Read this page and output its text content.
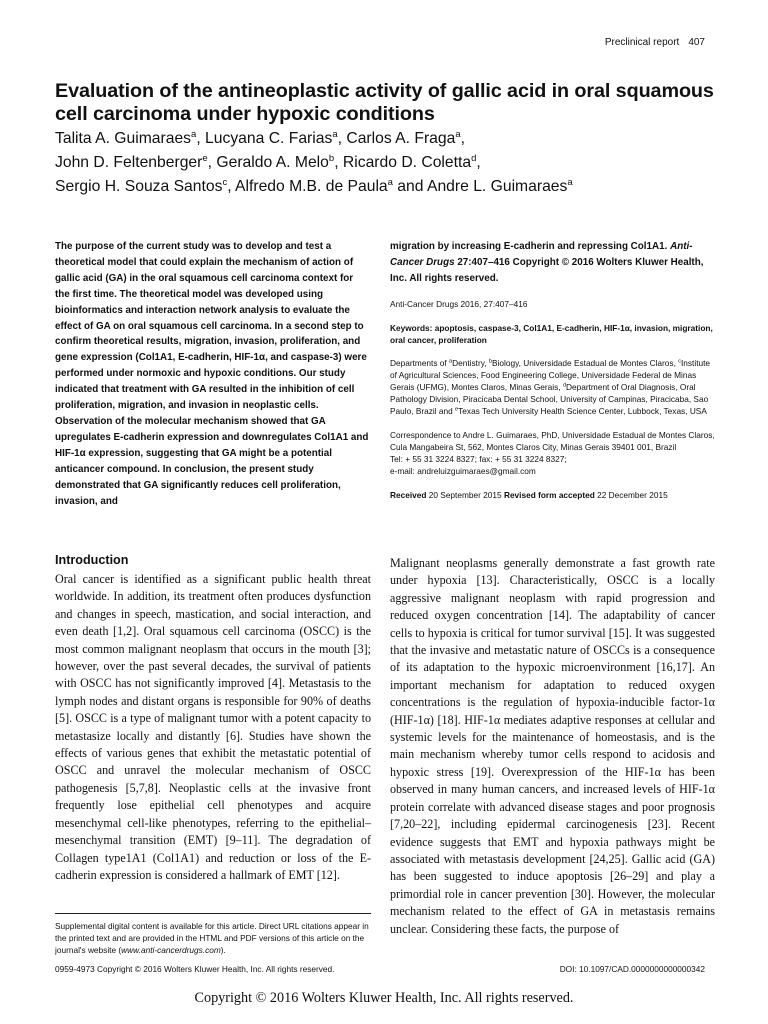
Preclinical report 407
Evaluation of the antineoplastic activity of gallic acid in oral squamous cell carcinoma under hypoxic conditions
Talita A. Guimaraes$^a$, Lucyana C. Farias$^a$, Carlos A. Fraga$^a$,
John D. Feltenberger$^e$, Geraldo A. Melo$^b$, Ricardo D. Coletta$^d$,
Sergio H. Souza Santos$^c$, Alfredo M.B. de Paula$^a$ and Andre L. Guimaraes$^a$
The purpose of the current study was to develop and test a theoretical model that could explain the mechanism of action of gallic acid (GA) in the oral squamous cell carcinoma context for the first time. The theoretical model was developed using bioinformatics and interaction network analysis to evaluate the effect of GA on oral squamous cell carcinoma. In a second step to confirm theoretical results, migration, invasion, proliferation, and gene expression (Col1A1, E-cadherin, HIF-1α, and caspase-3) were performed under normoxic and hypoxic conditions. Our study indicated that treatment with GA resulted in the inhibition of cell proliferation, migration, and invasion in neoplastic cells. Observation of the molecular mechanism showed that GA upregulates E-cadherin expression and downregulates Col1A1 and HIF-1α expression, suggesting that GA might be a potential anticancer compound. In conclusion, the present study demonstrated that GA significantly reduces cell proliferation, invasion, and
migration by increasing E-cadherin and repressing Col1A1. Anti-Cancer Drugs 27:407–416 Copyright © 2016 Wolters Kluwer Health, Inc. All rights reserved.
Anti-Cancer Drugs 2016, 27:407–416
Keywords: apoptosis, caspase-3, Col1A1, E-cadherin, HIF-1α, invasion, migration, oral cancer, proliferation
Departments of $^a$Dentistry, $^b$Biology, Universidade Estadual de Montes Claros, $^c$Institute of Agricultural Sciences, Food Engineering College, Universidade Federal de Minas Gerais (UFMG), Montes Claros, Minas Gerais, $^d$Department of Oral Diagnosis, Oral Pathology Division, Piracicaba Dental School, University of Campinas, Piracicaba, Sao Paulo, Brazil and $^e$Texas Tech University Health Science Center, Lubbock, Texas, USA
Correspondence to Andre L. Guimaraes, PhD, Universidade Estadual de Montes Claros, Cula Mangabeira St, 562, Montes Claros City, Minas Gerais 39401 001, Brazil
Tel: + 55 31 3224 8327; fax: + 55 31 3224 8327;
e-mail: andreluizguimaraes@gmail.com
Received 20 September 2015 Revised form accepted 22 December 2015
Introduction

Oral cancer is identified as a significant public health threat worldwide. In addition, its treatment often produces dysfunction and changes in speech, mastication, and social interaction, and even death [1,2]. Oral squamous cell carcinoma (OSCC) is the most common malignant neoplasm that occurs in the mouth [3]; however, over the past several decades, the survival of patients with OSCC has not significantly improved [4]. Metastasis to the lymph nodes and distant organs is responsible for 90% of deaths [5]. OSCC is a type of malignant tumor with a potent capacity to metastasize locally and distantly [6]. Studies have shown the effects of various genes that exhibit the metastatic potential of OSCC and unravel the molecular mechanism of OSCC pathogenesis [5,7,8]. Neoplastic cells at the invasive front frequently lose epithelial cell phenotypes and acquire mesenchymal cell-like phenotypes, referring to the epithelial–mesenchymal transition (EMT) [9–11]. The degradation of Collagen type1A1 (Col1A1) and reduction or loss of the E-cadherin expression is considered a hallmark of EMT [12].

Malignant neoplasms generally demonstrate a fast growth rate under hypoxia [13]. Characteristically, OSCC is a locally aggressive malignant neoplasm with rapid progression and reduced oxygen concentration [14]. The adaptability of cancer cells to hypoxia is critical for tumor survival [15]. It was suggested that the invasive and metastatic nature of OSCCs is a consequence of its adaptation to the hypoxic microenvironment [16,17]. An important mechanism for adaptation to reduced oxygen concentrations is the regulation of hypoxia-inducible factor-1α (HIF-1α) [18]. HIF-1α mediates adaptive responses at cellular and systemic levels for the maintenance of homeostasis, and is the main mechanism whereby tumor cells respond to acidosis and hypoxic stress [19]. Overexpression of the HIF-1α has been observed in many human cancers, and increased levels of HIF-1α protein correlate with advanced disease stages and poor prognosis [7,20–22], including epidermal carcinogenesis [23]. Recent evidence suggests that EMT and hypoxia pathways might be associated with metastasis development [24,25]. Gallic acid (GA) has been suggested to induce apoptosis [26–29] and play a primordial role in cancer prevention [30]. However, the molecular mechanism related to the effect of GA in metastasis remains unclear. Considering these facts, the purpose of

Supplemental digital content is available for this article. Direct URL citations appear in the printed text and are provided in the HTML and PDF versions of this article on the journal's website (www.anti-cancerdrugs.com).
0959-4973 Copyright © 2016 Wolters Kluwer Health, Inc. All rights reserved.	DOI: 10.1097/CAD.0000000000000342
Copyright © 2016 Wolters Kluwer Health, Inc. All rights reserved.
